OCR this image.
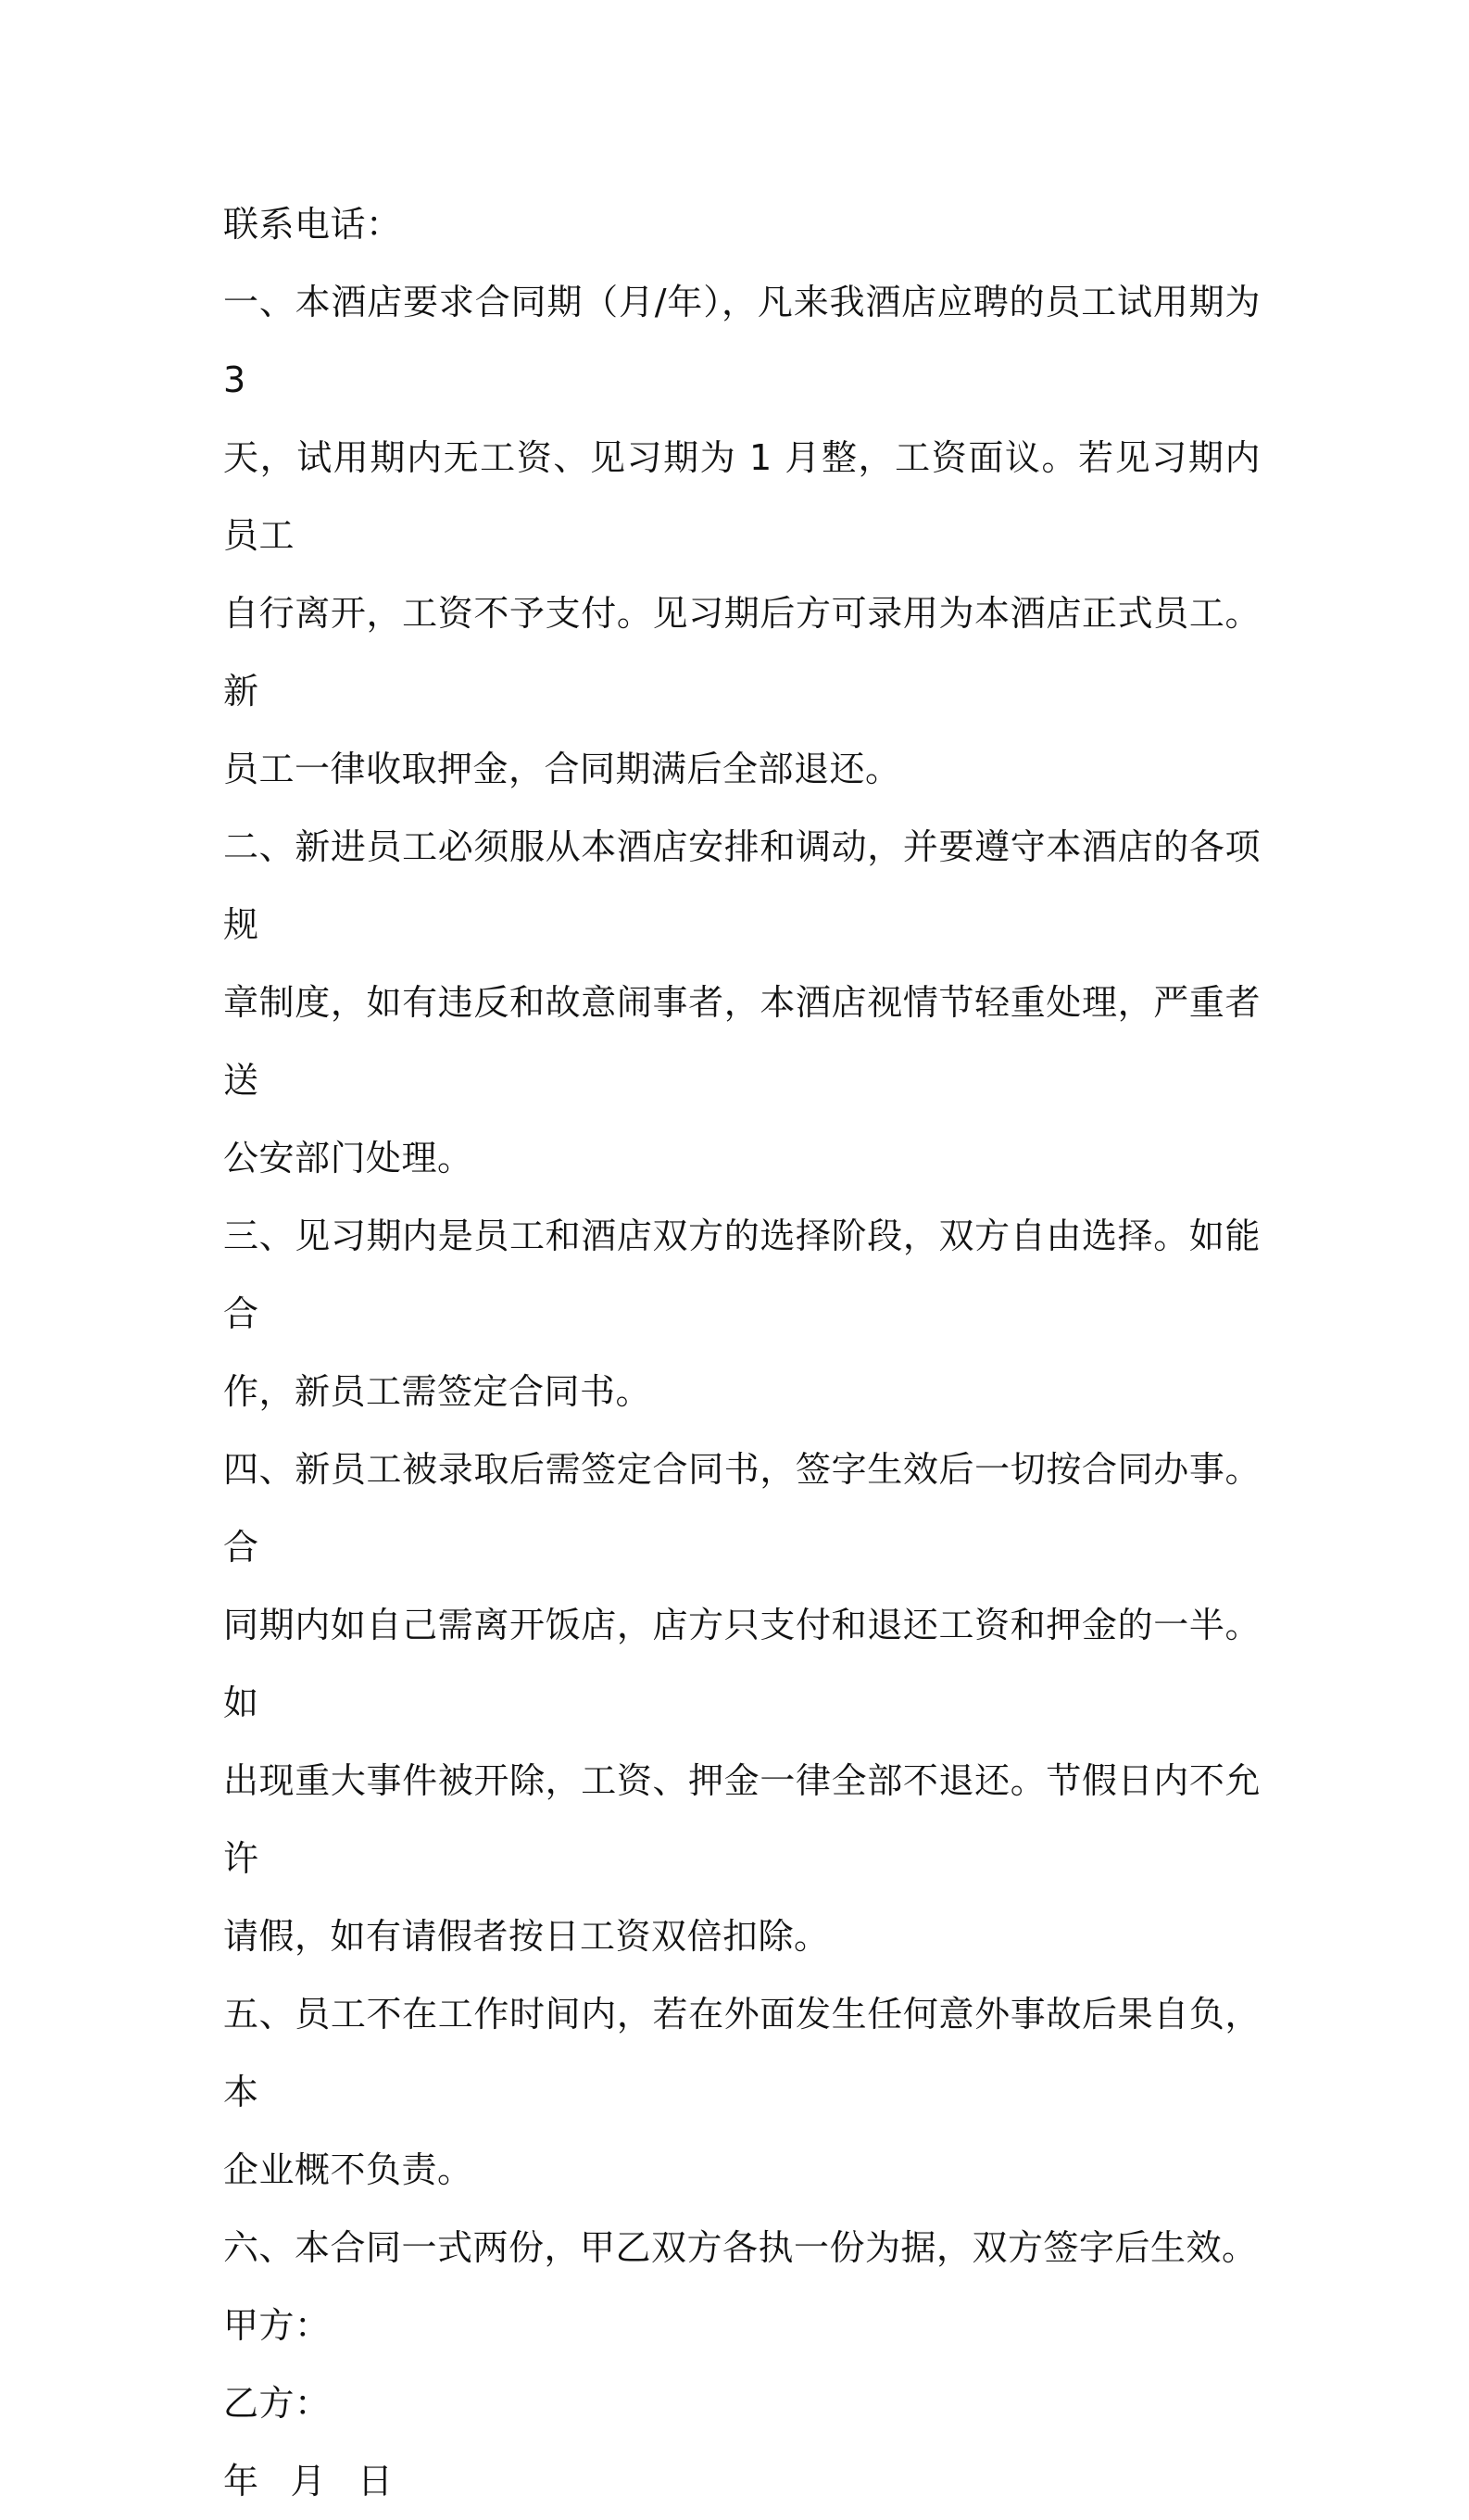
联系电话：

一、本酒店要求合同期（月/年），凡来我酒店应聘的员工试用期为 3

天，试用期内无工资、见习期为 1 月整，工资面议。若见习期内员工

自行离开，工资不予支付。见习期后方可录用为本酒店正式员工。新

员工一律收取押金，合同期满后全部退还。

二、新进员工必须服从本酒店安排和调动，并要遵守本酒店的各项规

章制度，如有违反和故意闹事者，本酒店视情节轻重处理，严重者送

公安部门处理。

三、见习期内是员工和酒店双方的选择阶段，双方自由选择。如能合

作，新员工需签定合同书。

四、新员工被录取后需签定合同书，签字生效后一切按合同办事。合

同期内如自己需离开饭店，店方只支付和退还工资和押金的一半。如

出现重大事件被开除，工资、押金一律全部不退还。节假日内不允许

请假，如有请假者按日工资双倍扣除。

五、员工不在工作时间内，若在外面发生任何意外事故后果自负，本

企业概不负责。

六、本合同一式两份，甲乙双方各执一份为据，双方签字后生效。

甲方：

乙方：

年 月 日
